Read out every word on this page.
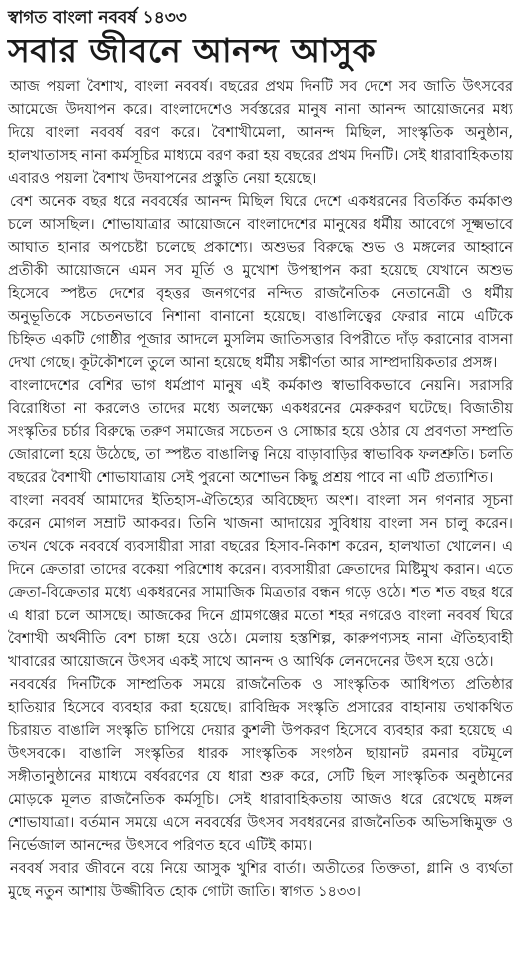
স্বাগত বাংলা নববর্ষ ১৪৩৩

সবার জীবনে আনন্দ আসুক

আজ পয়লা বৈশাখ, বাংলা নববর্ষ। বছরের প্রথম দিনটি সব দেশে সব জাতি উৎসবের আমেজে উদযাপন করে। বাংলাদেশেও সর্বস্তরের মানুষ নানা আনন্দ আয়োজনের মধ্য দিয়ে বাংলা নববর্ষ বরণ করে। বৈশাখীমেলা, আনন্দ মিছিল, সাংস্কৃতিক অনুষ্ঠান, হালখাতাসহ নানা কর্মসূচির মাধ্যমে বরণ করা হয় বছরের প্রথম দিনটি। সেই ধারাবাহিকতায় এবারও পয়লা বৈশাখ উদযাপনের প্রস্তুতি নেয়া হয়েছে।

বেশ অনেক বছর ধরে নববর্ষের আনন্দ মিছিল ঘিরে দেশে একধরনের বিতর্কিত কর্মকাণ্ড চলে আসছিল। শোভাযাত্রার আয়োজনে বাংলাদেশের মানুষের ধর্মীয় আবেগে সূক্ষ্মভাবে আঘাত হানার অপচেষ্টা চলেছে প্রকাশ্যে। অশুভর বিরুদ্ধে শুভ ও মঙ্গলের আহ্বানে প্রতীকী আয়োজনে এমন সব মূর্তি ও মুখোশ উপস্থাপন করা হয়েছে যেখানে অশুভ হিসেবে স্পষ্টত দেশের বৃহত্তর জনগণের নন্দিত রাজনৈতিক নেতানেত্রী ও ধর্মীয় অনুভূতিকে সচেতনভাবে নিশানা বানানো হয়েছে। বাঙালিত্বের ফেরার নামে এটিকে চিহ্নিত একটি গোষ্ঠীর পূজার আদলে মুসলিম জাতিসত্তার বিপরীতে দাঁড় করানোর বাসনা দেখা গেছে। কূটকৌশলে তুলে আনা হয়েছে ধর্মীয় সঙ্কীর্ণতা আর সাম্প্রদায়িকতার প্রসঙ্গ।

বাংলাদেশের বেশির ভাগ ধর্মপ্রাণ মানুষ এই কর্মকাণ্ড স্বাভাবিকভাবে নেয়নি। সরাসরি বিরোধিতা না করলেও তাদের মধ্যে অলক্ষ্যে একধরনের মেরুকরণ ঘটেছে। বিজাতীয় সংস্কৃতির চর্চার বিরুদ্ধে তরুণ সমাজের সচেতন ও সোচ্চার হয়ে ওঠার যে প্রবণতা সম্প্রতি জোরালো হয়ে উঠেছে, তা স্পষ্টত বাঙালিত্ব নিয়ে বাড়াবাড়ির স্বাভাবিক ফলশ্রুতি। চলতি বছরের বৈশাখী শোভাযাত্রায় সেই পুরনো অশোভন কিছু প্রশ্রয় পাবে না এটি প্রত্যাশিত।

বাংলা নববর্ষ আমাদের ইতিহাস-ঐতিহ্যের অবিচ্ছেদ্য অংশ। বাংলা সন গণনার সূচনা করেন মোগল সম্রাট আকবর। তিনি খাজনা আদায়ের সুবিধায় বাংলা সন চালু করেন। তখন থেকে নববর্ষে ব্যবসায়ীরা সারা বছরের হিসাব-নিকাশ করেন, হালখাতা খোলেন। এ দিনে ক্রেতারা তাদের বকেয়া পরিশোধ করেন। ব্যবসায়ীরা ক্রেতাদের মিষ্টিমুখ করান। এতে ক্রেতা-বিক্রেতার মধ্যে একধরনের সামাজিক মিত্রতার বন্ধন গড়ে ওঠে। শত শত বছর ধরে এ ধারা চলে আসছে। আজকের দিনে গ্রামগঞ্জের মতো শহর নগরেও বাংলা নববর্ষ ঘিরে বৈশাখী অর্থনীতি বেশ চাঙ্গা হয়ে ওঠে। মেলায় হস্তশিল্প, কারুপণ্যসহ নানা ঐতিহ্যবাহী খাবারের আয়োজনে উৎসব একই সাথে আনন্দ ও আর্থিক লেনদেনের উৎস হয়ে ওঠে।

নববর্ষের দিনটিকে সাম্প্রতিক সময়ে রাজনৈতিক ও সাংস্কৃতিক আধিপত্য প্রতিষ্ঠার হাতিয়ার হিসেবে ব্যবহার করা হয়েছে। রাবিন্দ্রিক সংস্কৃতি প্রসারের বাহানায় তথাকথিত চিরায়ত বাঙালি সংস্কৃতি চাপিয়ে দেয়ার কুশলী উপকরণ হিসেবে ব্যবহার করা হয়েছে এ উৎসবকে। বাঙালি সংস্কৃতির ধারক সাংস্কৃতিক সংগঠন ছায়ানট রমনার বটমূলে সঙ্গীতানুষ্ঠানের মাধ্যমে বর্ষবরণের যে ধারা শুরু করে, সেটি ছিল সাংস্কৃতিক অনুষ্ঠানের মোড়কে মূলত রাজনৈতিক কর্মসূচি। সেই ধারাবাহিকতায় আজও ধরে রেখেছে মঙ্গল শোভাযাত্রা। বর্তমান সময়ে এসে নববর্ষের উৎসব সবধরনের রাজনৈতিক অভিসন্ধিমুক্ত ও নির্ভেজাল আনন্দের উৎসবে পরিণত হবে এটিই কাম্য।

নববর্ষ সবার জীবনে বয়ে নিয়ে আসুক খুশির বার্তা। অতীতের তিক্ততা, গ্লানি ও ব্যর্থতা মুছে নতুন আশায় উজ্জীবিত হোক গোটা জাতি। স্বাগত ১৪৩৩।
